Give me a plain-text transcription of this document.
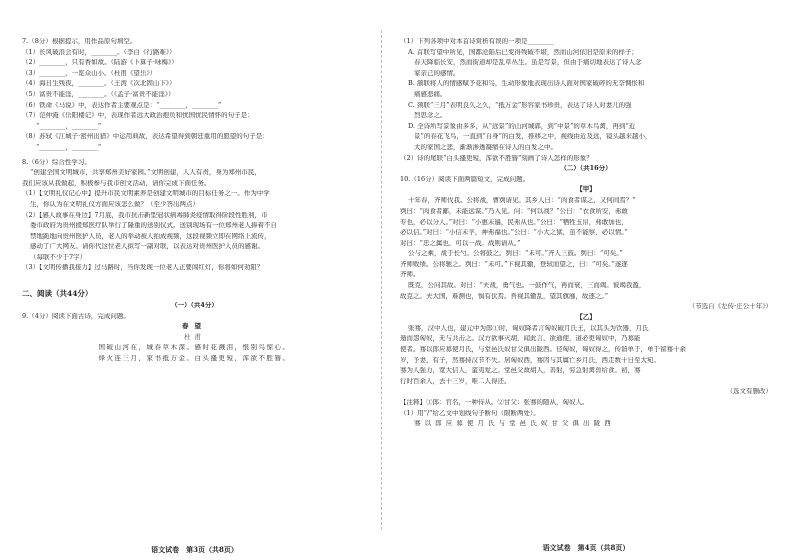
7.（8分）根据提示，用作品原句填空。
（1）长风破浪会有时，________。（李白《行路难》）
（2）________，只有香如故。（陆游《卜算子·咏梅》）
（3）________，一览众山小。（杜甫《望岳》）
（4）海日生残夜，________。（王湾《次北固山下》）
（5）富贵不能淫，________。（《孟子·富贵不能淫》）
（6）铁命《马说》中，表达作者主要观点是：“________，________”
（7）范仲淹《岳阳楼记》中，表现作者远大政治抱负和忧国忧民情怀的句子是：
“________，________”
（8）苏轼《江城子·密州出猎》中运用典故，表达希望得到朝廷重用的愿望的句子是：
“________，________”
8.（6分）综合性学习。
“创建全国文明城市，共享郑州美好家园。”文明创建，人人有责，身为郑州市民，
我们应该从我做起，积极参与我市创文活动，请你完成下面任务。
（1）【文明礼仪记心中】提升市民文明素养是创建文明城市的目标任务之一。作为中学
生，你认为在文明礼仪方面应该怎么做？（至少答出两点）
（2）【感人故事在身边】7月底，我市抗击新型冠状病毒肺炎疫情取得阶段性胜利，市
委市政府为贵州援郑医疗队举行了隆重的送别仪式。送别现场有一位郑州老人捧着不自
禁地跪地向贵州医护人员，老人的举动被人拍成视频，这段视频立即在网络上流传，
感动了广大网友。请你代这位老人拟写一副对联，以表达对贵州医护人员的感谢。
（每联不少于7字）
（3）【文明传播我接力】过马路时，当你发现一位老人正要闯红灯，你将如何劝阻？
二、阅读（共44分）
（一）（共4分）
9.（4分）阅读下面古诗，完成问题。
春望
杜甫
国破山河在，城春草木深。感时花溅泪，恨别鸟惊心。
烽火连三月，家书抵万金。白头搔更短，浑欲不胜簪。
语文试卷　第3页（共8页）
（1）下列各项中对本首诗赏析有误的一项是________
A. 首联写望中所见，国都沦陷后已变得残破不堪，然而山河依旧是原来的样子；
春天降临长安，然而街道却是乱草丛生。虽是写景，但由于痛切地表达了诗人念
家亲己的感情。
B. 颔联将人的情感赋予花和鸟，生动形象地表现出诗人面对国家破碎的无奈惆怅和
痛感悲痛。
C. 颈联“三月”表明良久之久，“抵万金”形容家书珍贵，表达了诗人对妻儿的强
烈思念之。
D. 全诗所写景象由多多，从“远景”的山河城郭，到“中景”的草木鸟禽，再到“近
景”的春花飞鸟，一直到“自身”的白发，推移之中，视线由近及远，镜头越来越小，
大的家国之悲，渐渐渗透凝缩在诗人的白发之中。
（2）诗的尾联“白头搔更短，浑欲不胜簪”刻画了诗人怎样的形象？
（二）（共16分）
10.（16分）阅读下面两篇短文，完成问题。
【甲】
十年春，齐师伐我。公将战，曹刿请见。其乡人曰：“肉食者谋之，又何间焉？”
刿曰：“肉食者鄙，未能远谋。”乃入见。问：“何以战？”公曰：“衣食所安，弗敢
专也，必以分人。”对曰：“小惠未遍，民弗从也。”公曰：“牺牲玉帛，弗敢加也，
必以信。”对曰：“小信未孚，神弗福也。”公曰：“小大之狱，虽不能察，必以情。”
对曰：“忠之属也，可以一战。战则请从。”
公与之乘，战于长勺。公将鼓之。刿曰：“未可。”齐人三鼓。刿曰：“可矣。”
齐师败绩。公将驰之。刿曰：“未可。”下视其辙，登轼而望之，曰：“可矣。”遂逐
齐师。
既克，公问其故。对曰：“夫战，勇气也。一鼓作气，再而衰，三而竭。彼竭我盈，
故克之。夫大国，难测也，惧有伏焉。吾视其辙乱，望其旗靡，故逐之。”
（节选自《左传·庄公十年》）
【乙】
张骞，汉中人也，建元中为郎①时，匈奴降者言匈奴破月氏王，以其头为饮器，月氏
遁而怨匈奴，无与共击之。汉方欲事灭胡，闻此言，欲通使，道必更匈奴中，乃募能
使者。骞以郎应募使月氏，与堂邑氏奴甘父俱出陇西。径匈奴，匈奴得之，传诣单于，单于留骞十余
岁，予妻，有子，然骞持汉节不失。居匈奴西，骞因与其属亡乡月氏，西走数十日至大宛。
骞为人强力，宽大信人，蛮夷爱之。堂邑父故胡人，善射，穷急射禽兽给食。初，骞
行时百余人，去十三岁，唯二人得还。
（选文有删改）
【注释】①郎：官名，一种侍从。②甘父：张骞的随从，匈奴人。
（1）用“/”给乙文中划线句子断句（限断两处）。
骞 以 郎 应 募 使 月 氏 与 堂 邑 氏 奴 甘 父 俱 出 陇 西
语文试卷　第4页（共8页）
